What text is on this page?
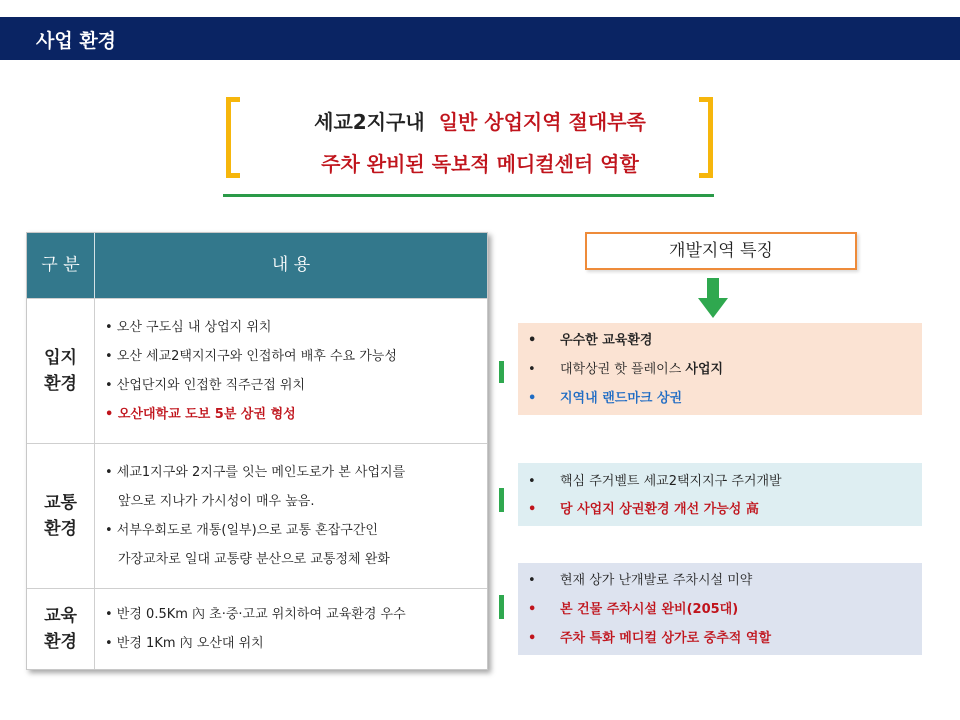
사업 환경
세교2지구내 일반 상업지역 절대부족
주차 완비된 독보적 메디컬센터 역할
구 분	내 용
입지
환경
• 오산 구도심 내 상업지 위치
• 오산 세교2택지지구와 인접하여 배후 수요 가능성
• 산업단지와 인접한 직주근접 위치
• 오산대학교 도보 5분 상권 형성
교통
환경
• 세교1지구와 2지구를 잇는 메인도로가 본 사업지를
앞으로 지나가 가시성이 매우 높음.
• 서부우회도로 개통(일부)으로 교통 혼잡구간인
가장교차로 일대 교통량 분산으로 교통정체 완화
교육
환경
• 반경 0.5Km 內 초·중·고교 위치하여 교육환경 우수
• 반경 1Km 內 오산대 위치
개발지역 특징
• 우수한 교육환경
• 대학상권 핫 플레이스 사업지
• 지역내 랜드마크 상권
• 핵심 주거벨트 세교2택지지구 주거개발
• 당 사업지 상권환경 개선 가능성 高
• 현재 상가 난개발로 주차시설 미약
• 본 건물 주차시설 완비(205대)
• 주차 특화 메디컬 상가로 중추적 역할
